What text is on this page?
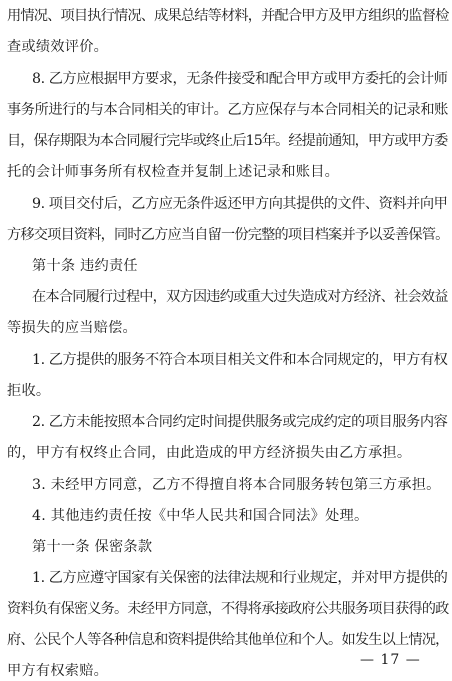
用情况、项目执行情况、成果总结等材料，并配合甲方及甲方组织的监督检
查或绩效评价。
8. 乙方应根据甲方要求，无条件接受和配合甲方或甲方委托的会计师
事务所进行的与本合同相关的审计。乙方应保存与本合同相关的记录和账
目，保存期限为本合同履行完毕或终止后15年。经提前通知，甲方或甲方委
托的会计师事务所有权检查并复制上述记录和账目。
9. 项目交付后，乙方应无条件返还甲方向其提供的文件、资料并向甲
方移交项目资料，同时乙方应当自留一份完整的项目档案并予以妥善保管。
第十条 违约责任
在本合同履行过程中，双方因违约或重大过失造成对方经济、社会效益
等损失的应当赔偿。
1. 乙方提供的服务不符合本项目相关文件和本合同规定的，甲方有权
拒收。
2. 乙方未能按照本合同约定时间提供服务或完成约定的项目服务内容
的，甲方有权终止合同，由此造成的甲方经济损失由乙方承担。
3. 未经甲方同意，乙方不得擅自将本合同服务转包第三方承担。
4. 其他违约责任按《中华人民共和国合同法》处理。
第十一条 保密条款
1. 乙方应遵守国家有关保密的法律法规和行业规定，并对甲方提供的
资料负有保密义务。未经甲方同意，不得将承接政府公共服务项目获得的政
府、公民个人等各种信息和资料提供给其他单位和个人。如发生以上情况，
甲方有权索赔。
— 17 —
